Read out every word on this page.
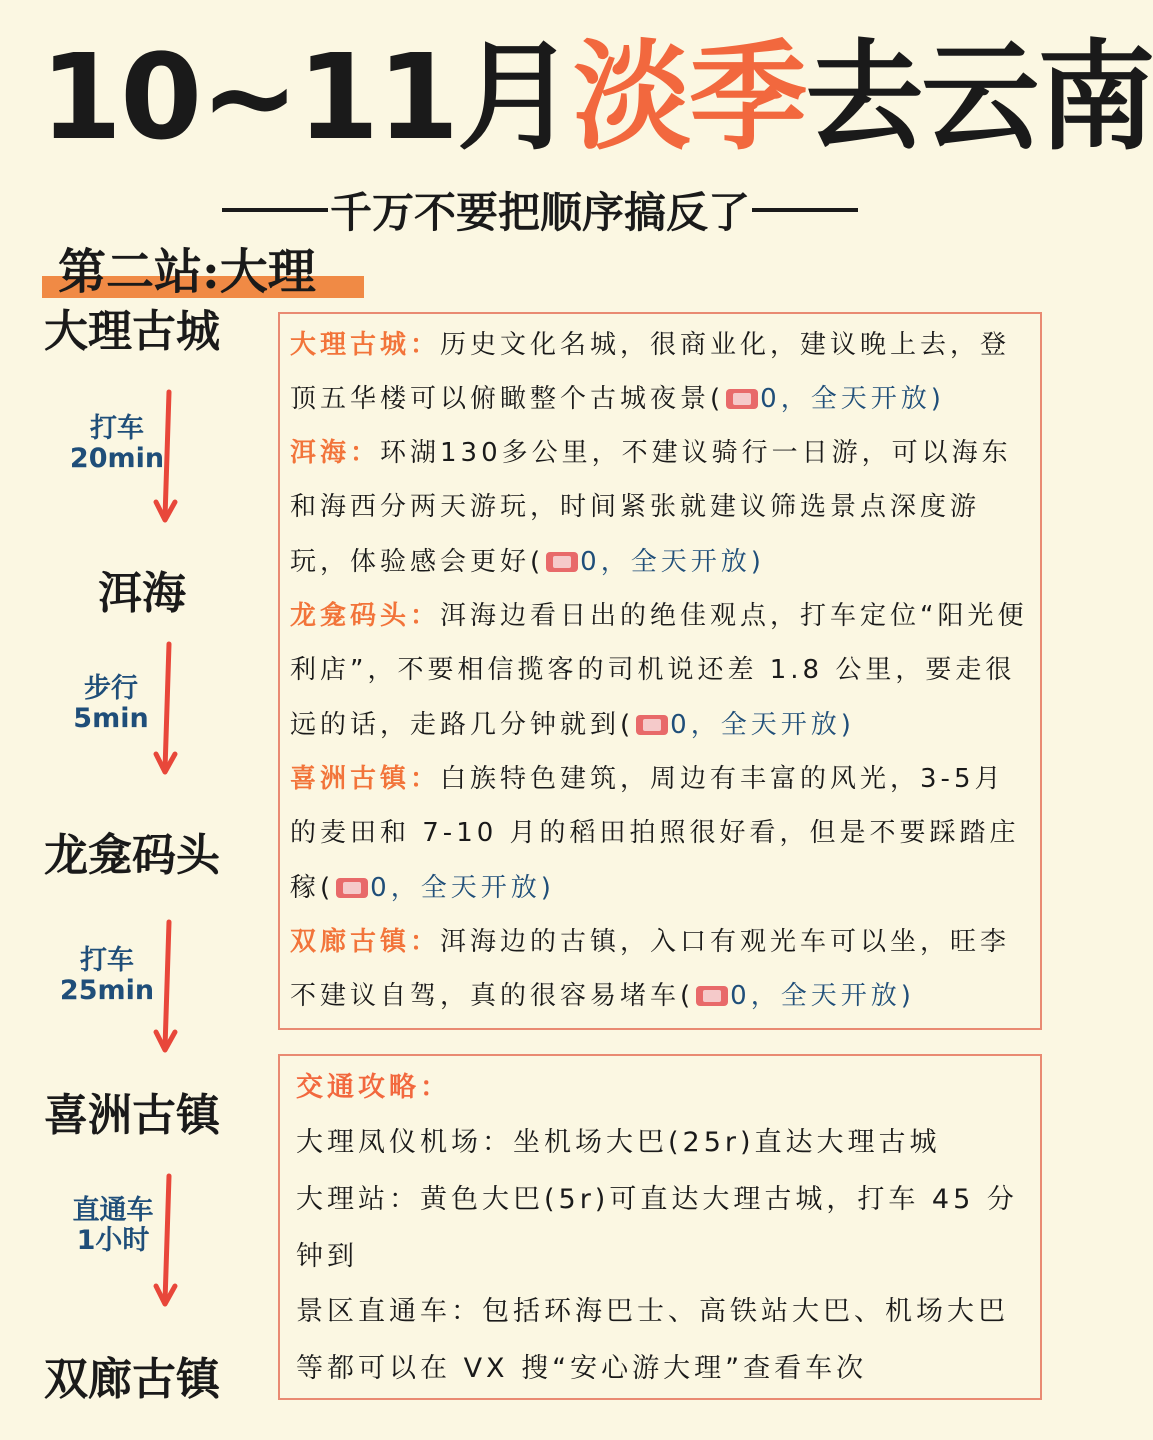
10~11月 淡季 去云南
千万不要把顺序搞反了
第二站:大理
大理古城
打车
20min
洱海
步行
5min
龙龛码头
打车
25min
喜洲古镇
直通车
1小时
双廊古镇
大理古城：历史文化名城，很商业化，建议晚上去，登顶五华楼可以俯瞰整个古城夜景( 0，全天开放)
洱海：环湖130多公里，不建议骑行一日游，可以海东和海西分两天游玩，时间紧张就建议筛选景点深度游玩，体验感会更好( 0，全天开放)
龙龛码头：洱海边看日出的绝佳观点，打车定位“阳光便利店”，不要相信揽客的司机说还差 1.8 公里，要走很远的话，走路几分钟就到( 0，全天开放)
喜洲古镇：白族特色建筑，周边有丰富的风光，3-5月的麦田和 7-10 月的稻田拍照很好看，但是不要踩踏庄稼( 0，全天开放)
双廊古镇：洱海边的古镇，入口有观光车可以坐，旺李不建议自驾，真的很容易堵车( 0，全天开放)
交通攻略：
大理凤仪机场：坐机场大巴(25r)直达大理古城
大理站：黄色大巴(5r)可直达大理古城，打车 45 分钟到
景区直通车：包括环海巴士、高铁站大巴、机场大巴等都可以在 VX 搜“安心游大理”查看车次
